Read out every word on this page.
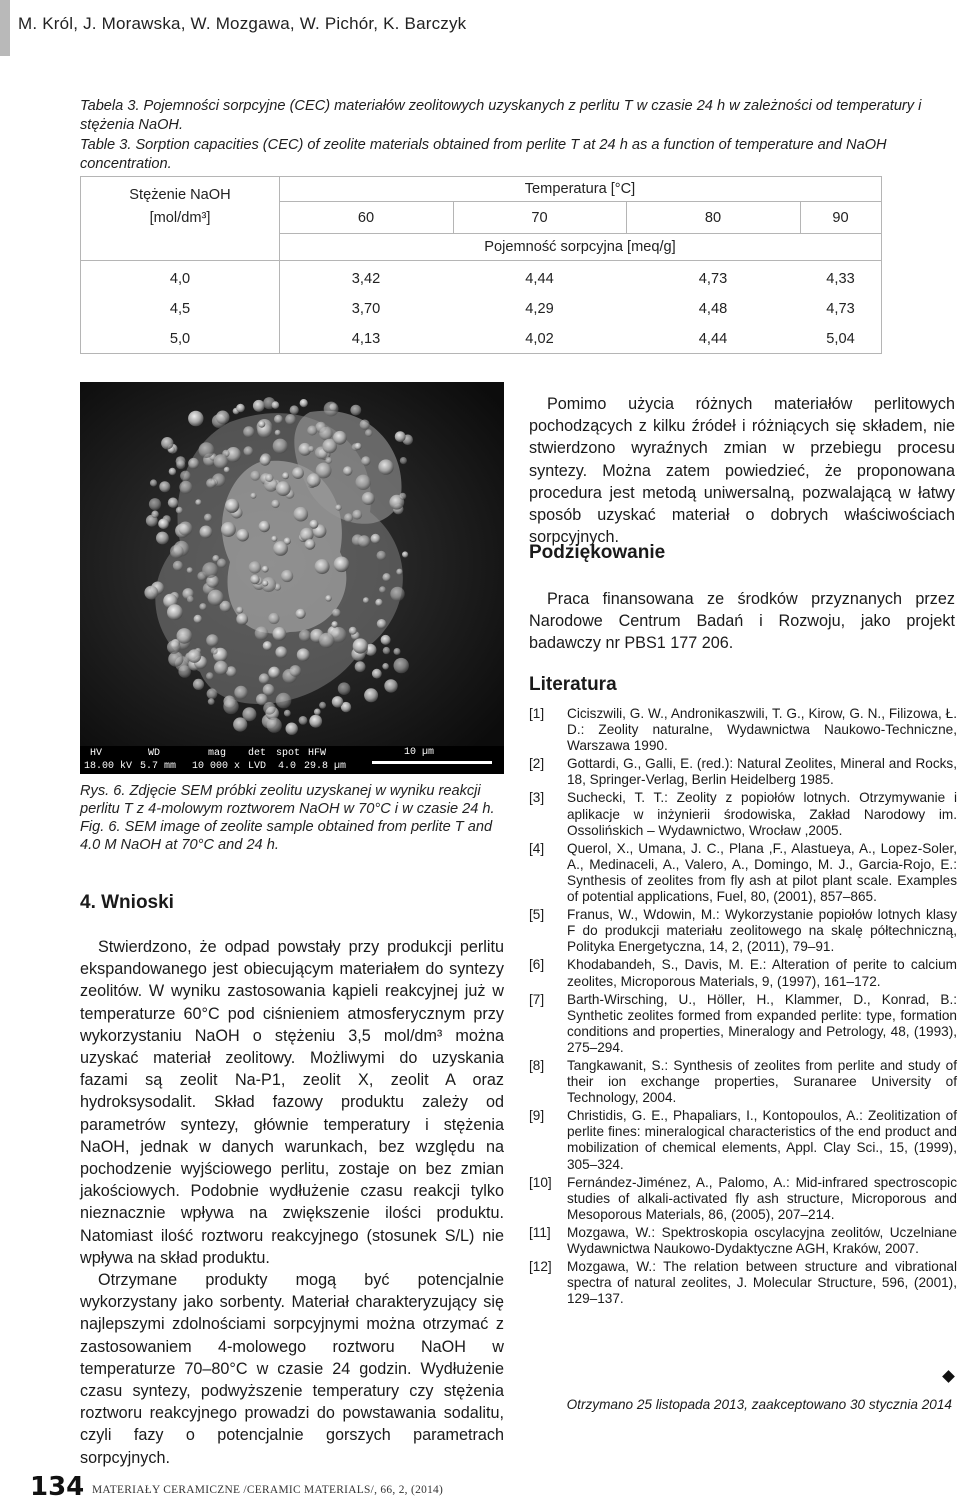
M. Król, J. Morawska, W. Mozgawa, W. Pichór, K. Barczyk
Tabela 3. Pojemności sorpcyjne (CEC) materiałów zeolitowych uzyskanych z perlitu T w czasie 24 h w zależności od temperatury i stężenia NaOH.
Table 3. Sorption capacities (CEC) of zeolite materials obtained from perlite T at 24 h as a function of temperature and NaOH concentration.
Stężenie NaOH
[mol/dm³]
Temperatura [°C]
60	70	80	90
Pojemność sorpcyjna [meq/g]
4,0	3,42	4,44	4,73	4,33
4,5	3,70	4,29	4,48	4,73
5,0	4,13	4,02	4,44	5,04
HV
18.00 kV
WD
5.7 mm
mag
10 000 x
det
LVD
spot
4.0
HFW
29.8 µm
10 µm
Rys. 6. Zdjęcie SEM próbki zeolitu uzyskanej w wyniku reakcji perlitu T z 4-molowym roztworem NaOH w 70°C i w czasie 24 h.
Fig. 6. SEM image of zeolite sample obtained from perlite T and 4.0 M NaOH at 70°C and 24 h.
4. Wnioski

Stwierdzono, że odpad powstały przy produkcji perlitu ekspandowanego jest obiecującym materiałem do syntezy zeolitów. W wyniku zastosowania kąpieli reakcyjnej już w temperaturze 60°C pod ciśnieniem atmosferycznym przy wykorzystaniu NaOH o stężeniu 3,5 mol/dm³ można uzyskać materiał zeolitowy. Możliwymi do uzyskania fazami są zeolit Na-P1, zeolit X, zeolit A oraz hydroksysodalit. Skład fazowy produktu zależy od parametrów syntezy, głównie temperatury i stężenia NaOH, jednak w danych warunkach, bez względu na pochodzenie wyjściowego perlitu, zostaje on bez zmian jakościowych. Podobnie wydłużenie czasu reakcji tylko nieznacznie wpływa na zwiększenie ilości produktu. Natomiast ilość roztworu reakcyjnego (stosunek S/L) nie wpływa na skład produktu.

Otrzymane produkty mogą być potencjalnie wykorzystany jako sorbenty. Materiał charakteryzujący się najlepszymi zdolnościami sorpcyjnymi można otrzymać z zastosowaniem 4-molowego roztworu NaOH w temperaturze 70–80°C w czasie 24 godzin. Wydłużenie czasu syntezy, podwyższenie temperatury czy stężenia roztworu reakcyjnego prowadzi do powstawania sodalitu, czyli fazy o potencjalnie gorszych parametrach sorpcyjnych.

Pomimo użycia różnych materiałów perlitowych pochodzących z kilku źródeł i różniących się składem, nie stwierdzono wyraźnych zmian w przebiegu procesu syntezy. Można zatem powiedzieć, że proponowana procedura jest metodą uniwersalną, pozwalającą w łatwy sposób uzyskać materiał o dobrych właściwościach sorpcyjnych.

Podziękowanie

Praca finansowana ze środków przyznanych przez Narodowe Centrum Badań i Rozwoju, jako projekt badawczy nr PBS1 177 206.

Literatura
[1] Ciciszwili, G. W., Andronikaszwili, T. G., Kirow, G. N., Filizowa, Ł. D.: Zeolity naturalne, Wydawnictwa Naukowo-Techniczne, Warszawa 1990.
[2] Gottardi, G., Galli, E. (red.): Natural Zeolites, Mineral and Rocks, 18, Springer-Verlag, Berlin Heidelberg 1985.
[3] Suchecki, T. T.: Zeolity z popiołów lotnych. Otrzymywanie i aplikacje w inżynierii środowiska, Zakład Narodowy im. Ossolińskich – Wydawnictwo, Wrocław ,2005.
[4] Querol, X., Umana, J. C., Plana ,F., Alastueya, A., Lopez-Soler, A., Medinaceli, A., Valero, A., Domingo, M. J., Garcia-Rojo, E.: Synthesis of zeolites from fly ash at pilot plant scale. Examples of potential applications, Fuel, 80, (2001), 857–865.
[5] Franus, W., Wdowin, M.: Wykorzystanie popiołów lotnych klasy F do produkcji materiału zeolitowego na skalę półtechniczną, Polityka Energetyczna, 14, 2, (2011), 79–91.
[6] Khodabandeh, S., Davis, M. E.: Alteration of perite to calcium zeolites, Microporous Materials, 9, (1997), 161–172.
[7] Barth-Wirsching, U., Höller, H., Klammer, D., Konrad, B.: Synthetic zeolites formed from expanded perlite: type, formation conditions and properties, Mineralogy and Petrology, 48, (1993), 275–294.
[8] Tangkawanit, S.: Synthesis of zeolites from perlite and study of their ion exchange properties, Suranaree University of Technology, 2004.
[9] Christidis, G. E., Phapaliars, I., Kontopoulos, A.: Zeolitization of perlite fines: mineralogical characteristics of the end product and mobilization of chemical elements, Appl. Clay Sci., 15, (1999), 305–324.
[10] Fernández-Jiménez, A., Palomo, A.: Mid-infrared spectroscopic studies of alkali-activated fly ash structure, Microporous and Mesoporous Materials, 86, (2005), 207–214.
[11] Mozgawa, W.: Spektroskopia oscylacyjna zeolitów, Uczelniane Wydawnictwa Naukowo-Dydaktyczne AGH, Kraków, 2007.
[12] Mozgawa, W.: The relation between structure and vibrational spectra of natural zeolites, J. Molecular Structure, 596, (2001), 129–137.
Otrzymano 25 listopada 2013, zaakceptowano 30 stycznia 2014
134 MATERIAŁY CERAMICZNE /CERAMIC MATERIALS/, 66, 2, (2014)
